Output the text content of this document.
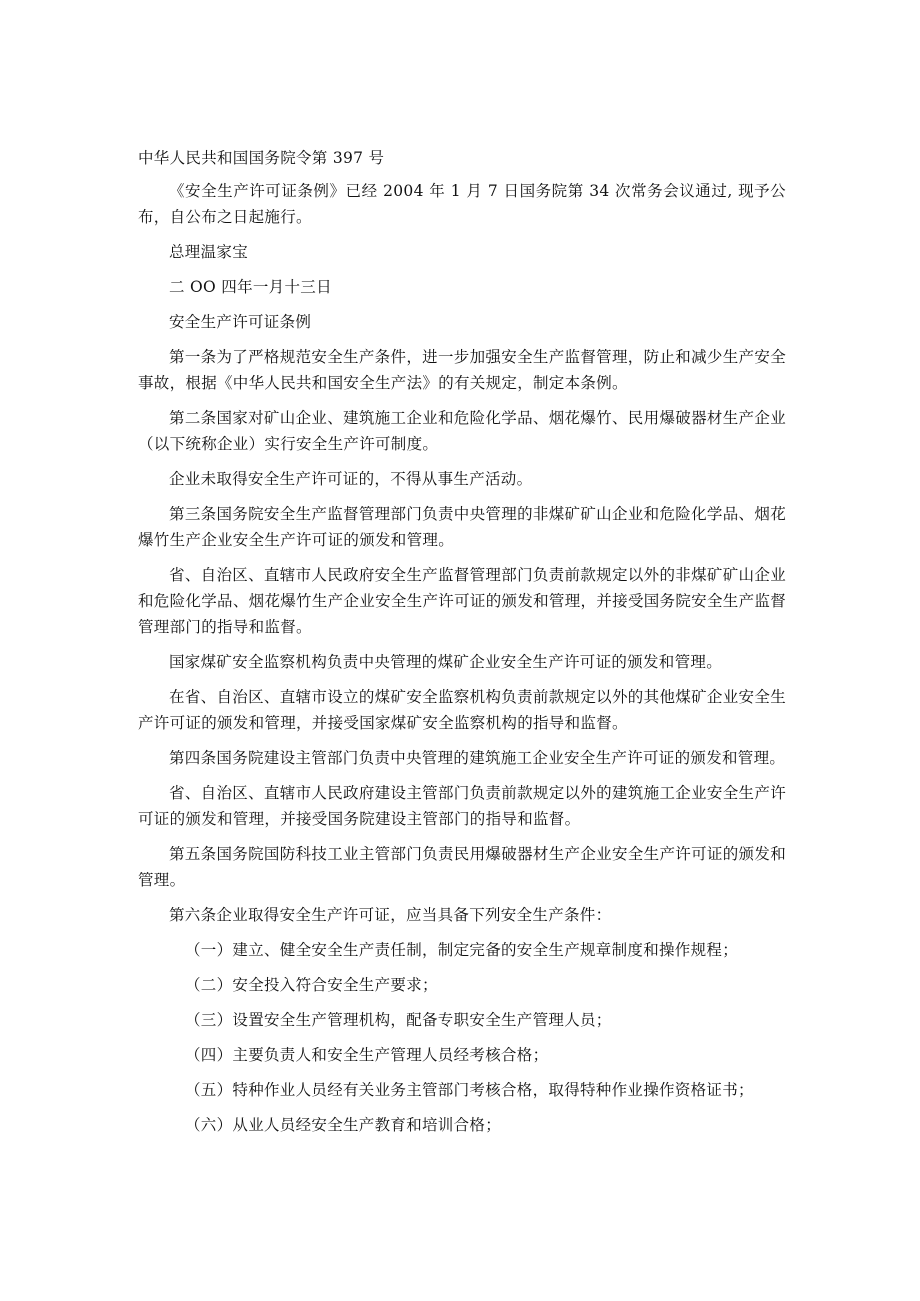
中华人民共和国国务院令第 397 号

《安全生产许可证条例》已经 2004 年 1 月 7 日国务院第 34 次常务会议通过, 现予公布，自公布之日起施行。

总理温家宝

二 OO 四年一月十三日

安全生产许可证条例

第一条为了严格规范安全生产条件，进一步加强安全生产监督管理，防止和减少生产安全事故，根据《中华人民共和国安全生产法》的有关规定，制定本条例。

第二条国家对矿山企业、建筑施工企业和危险化学品、烟花爆竹、民用爆破器材生产企业（以下统称企业）实行安全生产许可制度。

企业未取得安全生产许可证的，不得从事生产活动。

第三条国务院安全生产监督管理部门负责中央管理的非煤矿矿山企业和危险化学品、烟花爆竹生产企业安全生产许可证的颁发和管理。

省、自治区、直辖市人民政府安全生产监督管理部门负责前款规定以外的非煤矿矿山企业和危险化学品、烟花爆竹生产企业安全生产许可证的颁发和管理，并接受国务院安全生产监督管理部门的指导和监督。

国家煤矿安全监察机构负责中央管理的煤矿企业安全生产许可证的颁发和管理。

在省、自治区、直辖市设立的煤矿安全监察机构负责前款规定以外的其他煤矿企业安全生产许可证的颁发和管理，并接受国家煤矿安全监察机构的指导和监督。

第四条国务院建设主管部门负责中央管理的建筑施工企业安全生产许可证的颁发和管理。

省、自治区、直辖市人民政府建设主管部门负责前款规定以外的建筑施工企业安全生产许可证的颁发和管理，并接受国务院建设主管部门的指导和监督。

第五条国务院国防科技工业主管部门负责民用爆破器材生产企业安全生产许可证的颁发和管理。

第六条企业取得安全生产许可证，应当具备下列安全生产条件：

（一）建立、健全安全生产责任制，制定完备的安全生产规章制度和操作规程；

（二）安全投入符合安全生产要求；

（三）设置安全生产管理机构，配备专职安全生产管理人员；

（四）主要负责人和安全生产管理人员经考核合格；

（五）特种作业人员经有关业务主管部门考核合格，取得特种作业操作资格证书；

（六）从业人员经安全生产教育和培训合格；
